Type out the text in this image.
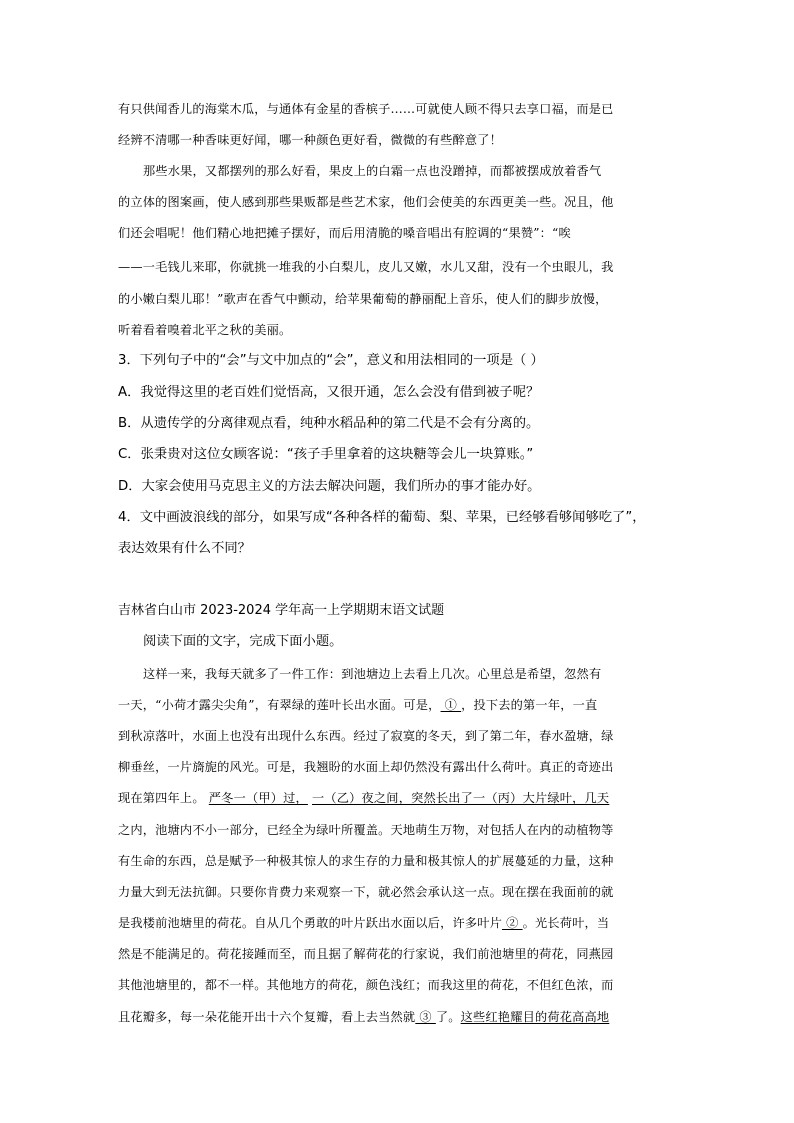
有只供闻香儿的海棠木瓜，与通体有金星的香槟子……可就使人顾不得只去享口福，而是已
经辨不清哪一种香味更好闻，哪一种颜色更好看，微微的有些醉意了！
那些水果，又都摆列的那么好看，果皮上的白霜一点也没蹭掉，而都被摆成放着香气
的立体的图案画，使人感到那些果贩都是些艺术家，他们会使美的东西更美一些。况且，他
们还会唱呢！他们精心地把摊子摆好，而后用清脆的嗓音唱出有腔调的“果赞”：“唉
——一毛钱儿来耶，你就挑一堆我的小白梨儿，皮儿又嫩，水儿又甜，没有一个虫眼儿，我
的小嫩白梨儿耶！”歌声在香气中颤动，给苹果葡萄的静丽配上音乐，使人们的脚步放慢，
听着看着嗅着北平之秋的美丽。
3．下列句子中的“会”与文中加点的“会”，意义和用法相同的一项是（ ）
A．我觉得这里的老百姓们觉悟高，又很开通，怎么会没有借到被子呢？
B．从遗传学的分离律观点看，纯种水稻品种的第二代是不会有分离的。
C．张秉贵对这位女顾客说：“孩子手里拿着的这块糖等会儿一块算账。”
D．大家会使用马克思主义的方法去解决问题，我们所办的事才能办好。
4．文中画波浪线的部分，如果写成“各种各样的葡萄、梨、苹果，已经够看够闻够吃了”，
表达效果有什么不同？
吉林省白山市 2023-2024 学年高一上学期期末语文试题
阅读下面的文字，完成下面小题。
这样一来，我每天就多了一件工作：到池塘边上去看上几次。心里总是希望，忽然有
一天，“小荷才露尖尖角”，有翠绿的莲叶长出水面。可是， ① ，投下去的第一年，一直
到秋凉落叶，水面上也没有出现什么东西。经过了寂寞的冬天，到了第二年，春水盈塘，绿
柳垂丝，一片旖旎的风光。可是，我翘盼的水面上却仍然没有露出什么荷叶。真正的奇迹出
现在第四年上。 严冬一（甲）过， 一（乙）夜之间，突然长出了一（丙）大片绿叶，几天
之内，池塘内不小一部分，已经全为绿叶所覆盖。天地萌生万物，对包括人在内的动植物等
有生命的东西，总是赋予一种极其惊人的求生存的力量和极其惊人的扩展蔓延的力量，这种
力量大到无法抗御。只要你肯费力来观察一下，就必然会承认这一点。现在摆在我面前的就
是我楼前池塘里的荷花。自从几个勇敢的叶片跃出水面以后，许多叶片 ② 。光长荷叶，当
然是不能满足的。荷花接踵而至，而且据了解荷花的行家说，我们前池塘里的荷花，同燕园
其他池塘里的，都不一样。其他地方的荷花，颜色浅红；而我这里的荷花，不但红色浓，而
且花瓣多，每一朵花能开出十六个复瓣，看上去当然就 ③ 了。这些红艳耀目的荷花高高地
